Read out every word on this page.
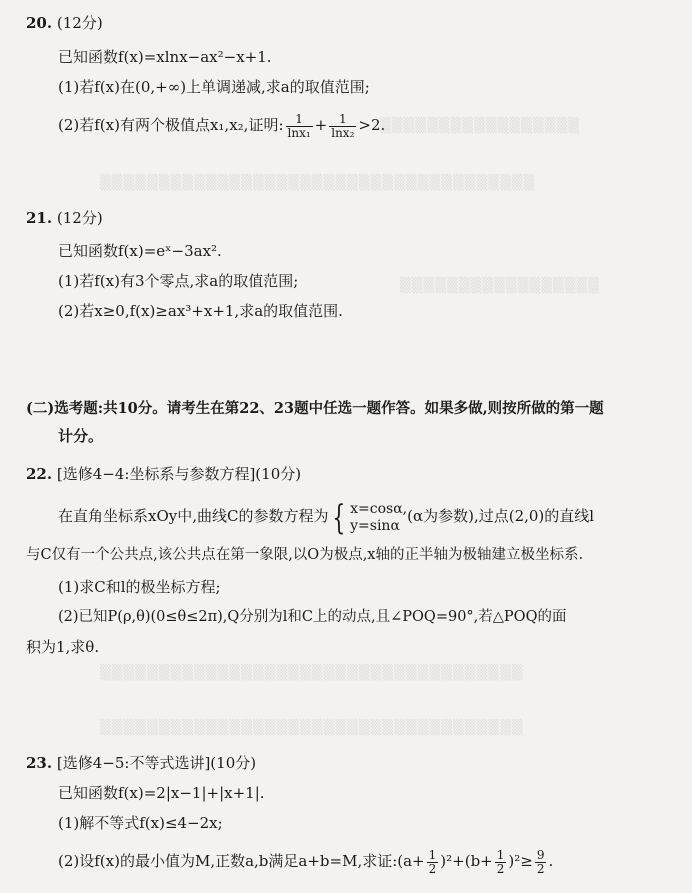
▒▒▒▒▒▒▒▒▒▒▒▒▒▒▒▒▒
▒▒▒▒▒▒▒▒▒▒▒▒▒▒▒▒▒▒▒▒▒▒▒▒▒▒▒▒▒▒▒▒▒▒▒▒▒
▒▒▒▒▒▒▒▒▒▒▒▒▒▒▒▒▒
▒▒▒▒▒▒▒▒▒▒▒▒▒▒▒▒▒▒▒▒▒▒▒▒▒▒▒▒▒▒▒▒▒▒▒▒
▒▒▒▒▒▒▒▒▒▒▒▒▒▒▒▒▒▒▒▒▒▒▒▒▒▒▒▒▒▒▒▒▒▒▒▒
20. (12分)
已知函数f(x)=xlnx−ax²−x+1.
(1)若f(x)在(0,+∞)上单调递减,求a的取值范围;
(2)若f(x)有两个极值点x₁,x₂,证明: $\frac{1}{\text{lnx₁}} + \frac{1}{\text{lnx₂}} >2$.
21. (12分)
已知函数f(x)=eˣ−3ax².
(1)若f(x)有3个零点,求a的取值范围;
(2)若x≥0,f(x)≥ax³+x+1,求a的取值范围.
(二)选考题:共10分。请考生在第22、23题中任选一题作答。如果多做,则按所做的第一题
计分。
22. [选修4−4:坐标系与参数方程](10分)
在直角坐标系xOy中,曲线C的参数方程为 { x=cosα,
y=sinα
(α为参数),过点(2,0)的直线l
与C仅有一个公共点,该公共点在第一象限,以O为极点,x轴的正半轴为极轴建立极坐标系.
(1)求C和l的极坐标方程;
(2)已知P(ρ,θ)(0≤θ≤2π),Q分别为l和C上的动点,且∠POQ=90°,若△POQ的面
积为1,求θ.
23. [选修4−5:不等式选讲](10分)
已知函数f(x)=2|x−1|+|x+1|.
(1)解不等式f(x)≤4−2x;
(2)设f(x)的最小值为M,正数a,b满足a+b=M,求证:(a+ $\frac{1}{2} )^2+(b+ \frac{1}{2} )^2\ge \frac{9}{2}$ .
